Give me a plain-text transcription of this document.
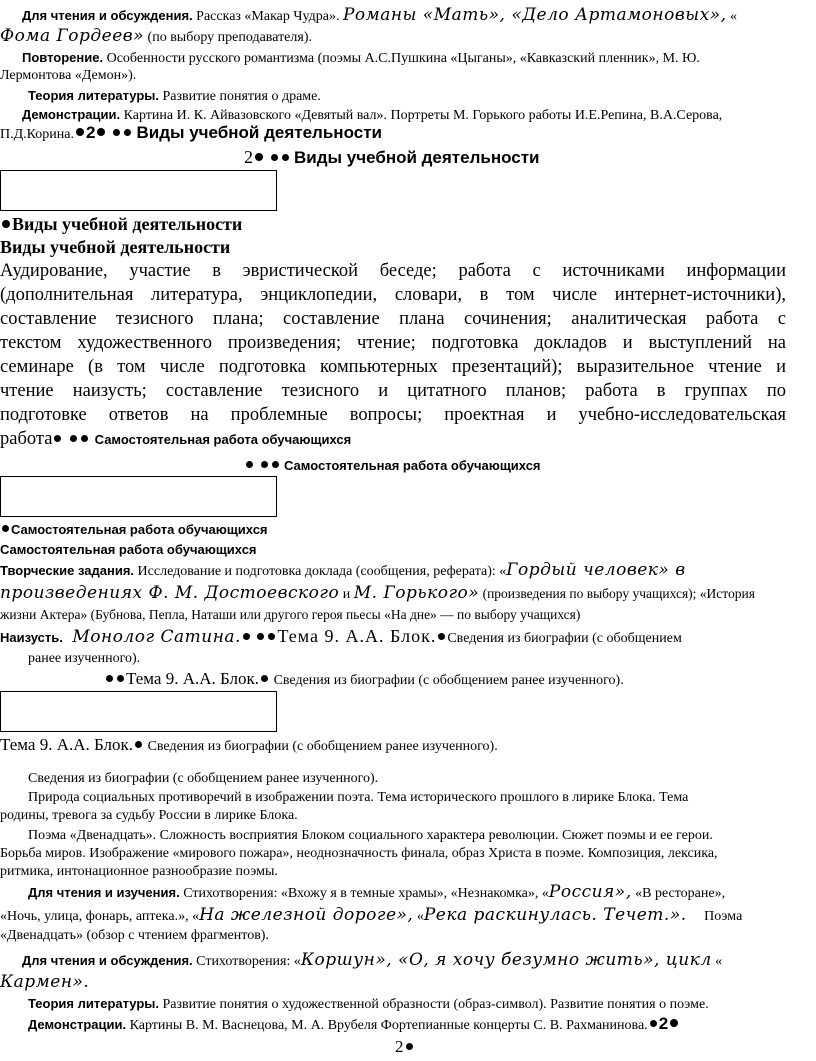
Для чтения и обсуждения. Рассказ «Макар Чудра». Романы «Мать», «Дело Артамоновых», «
Фома Гордеев» (по выбору преподавателя).
Повторение. Особенности русского романтизма (поэмы А.С.Пушкина «Цыганы», «Кавказский пленник», М. Ю.
Лермонтова «Демон»).
Теория литературы. Развитие понятия о драме.
Демонстрации. Картина И. К. Айвазовского «Девятый вал». Портреты М. Горького работы И.Е.Репина, В.А.Серова,
П.Д.Корина. 2 Виды учебной деятельности
2 Виды учебной деятельности
Виды учебной деятельности
Виды учебной деятельности
Аудирование, участие в эвристической беседе; работа с источниками информации
(дополнительная литература, энциклопедии, словари, в том числе интернет-источники),
составление тезисного плана; составление плана сочинения; аналитическая работа с
текстом художественного произведения; чтение; подготовка докладов и выступлений на
семинаре (в том числе подготовка компьютерных презентаций); выразительное чтение и
чтение наизусть; составление тезисного и цитатного планов; работа в группах по
подготовке ответов на проблемные вопросы; проектная и учебно-исследовательская
работа	Самостоятельная работа обучающихся
Самостоятельная работа обучающихся
Самостоятельная работа обучающихся
Самостоятельная работа обучающихся
Творческие задания. Исследование и подготовка доклада (сообщения, реферата): «Гордый человек» в
произведениях Ф. М. Достоевского и М. Горького» (произведения по выбору учащихся); «История
жизни Актера» (Бубнова, Пепла, Наташи или другого героя пьесы «На дне» — по выбору учащихся)
Наизусть. Монолог Сатина. Тема 9. А.А. Блок. Сведения из биографии (с обобщением
ранее изученного).
Тема 9. А.А. Блок. Сведения из биографии (с обобщением ранее изученного).
Тема 9. А.А. Блок. Сведения из биографии (с обобщением ранее изученного).
Сведения из биографии (с обобщением ранее изученного).
Природа социальных противоречий в изображении поэта. Тема исторического прошлого в лирике Блока. Тема
родины, тревога за судьбу России в лирике Блока.
Поэма «Двенадцать». Сложность восприятия Блоком социального характера революции. Сюжет поэмы и ее герои.
Борьба миров. Изображение «мирового пожара», неоднозначность финала, образ Христа в поэме. Композиция, лексика,
ритмика, интонационное разнообразие поэмы.
Для чтения и изучения. Стихотворения: «Вхожу я в темные храмы», «Незнакомка», «Россия», «В ресторане»,
«Ночь, улица, фонарь, аптека.», «На железной дороге», «Река раскинулась. Течет.». Поэма
«Двенадцать» (обзор с чтением фрагментов).
Для чтения и обсуждения. Стихотворения: «Коршун», «О, я хочу безумно жить», цикл «
Кармен».
Теория литературы. Развитие понятия о художественной образности (образ-символ). Развитие понятия о поэме.
Демонстрации. Картины В. М. Васнецова, М. А. Врубеля Фортепианные концерты С. В. Рахманинова. 2
2
